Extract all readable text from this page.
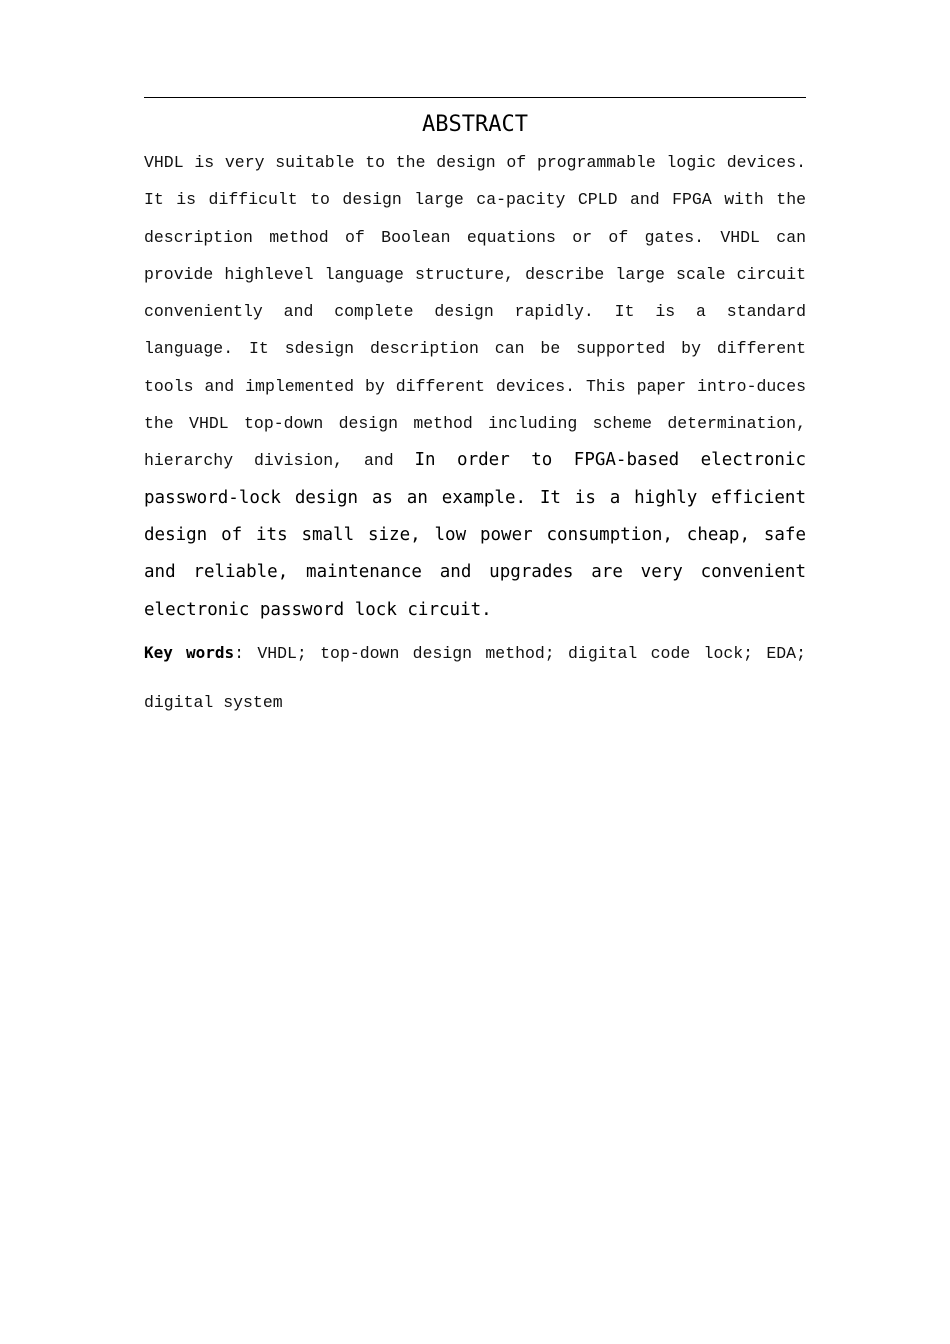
ABSTRACT

VHDL is very suitable to the design of programmable logic devices. It is difficult to design large ca-pacity CPLD and FPGA with the description method of Boolean equations or of gates. VHDL can provide highlevel language structure, describe large scale circuit conveniently and complete design rapidly. It is a standard language. It sdesign description can be supported by different tools and implemented by different devices. This paper intro-duces the VHDL top-down design method including scheme determination, hierarchy division, and In order to FPGA-based electronic password-lock design as an example. It is a highly efficient design of its small size, low power consumption, cheap, safe and reliable, maintenance and upgrades are very convenient electronic password lock circuit.

Key words: VHDL; top-down design method; digital code lock; EDA; digital system
